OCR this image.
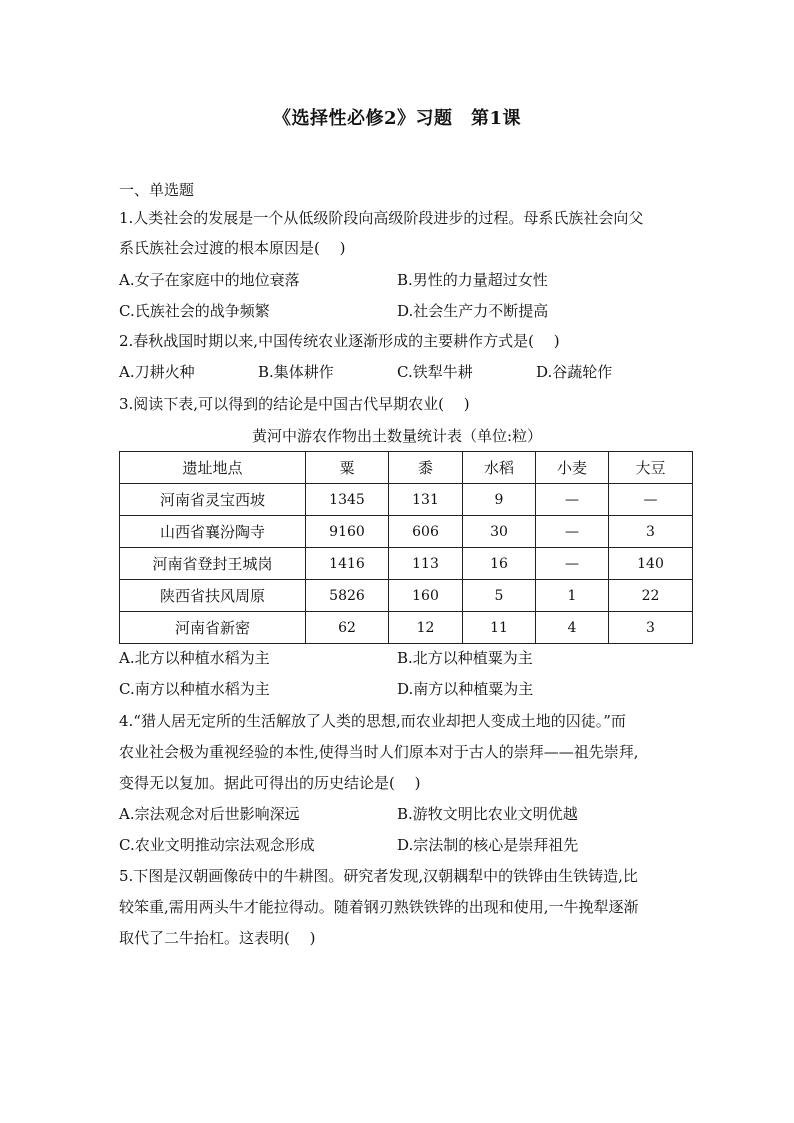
《选择性必修2》习题　第1课
一、单选题
1.人类社会的发展是一个从低级阶段向高级阶段进步的过程。母系氏族社会向父
系氏族社会过渡的根本原因是(　 )
A.女子在家庭中的地位衰落	B.男性的力量超过女性
C.氏族社会的战争频繁	D.社会生产力不断提高
2.春秋战国时期以来,中国传统农业逐渐形成的主要耕作方式是(　 )
A.刀耕火种	B.集体耕作	C.铁犁牛耕	D.谷蔬轮作
3.阅读下表,可以得到的结论是中国古代早期农业(　 )
黄河中游农作物出土数量统计表（单位:粒）
遗址地点	粟	黍	水稻	小麦	大豆
河南省灵宝西坡	1345	131	9	—	—
山西省襄汾陶寺	9160	606	30	—	3
河南省登封王城岗	1416	113	16	—	140
陕西省扶风周原	5826	160	5	1	22
河南省新密	62	12	11	4	3
A.北方以种植水稻为主	B.北方以种植粟为主
C.南方以种植水稻为主	D.南方以种植粟为主
4.“猎人居无定所的生活解放了人类的思想,而农业却把人变成土地的囚徒。”而
农业社会极为重视经验的本性,使得当时人们原本对于古人的崇拜——祖先崇拜,
变得无以复加。据此可得出的历史结论是(　 )
A.宗法观念对后世影响深远	B.游牧文明比农业文明优越
C.农业文明推动宗法观念形成	D.宗法制的核心是崇拜祖先
5.下图是汉朝画像砖中的牛耕图。研究者发现,汉朝耦犁中的铁铧由生铁铸造,比
较笨重,需用两头牛才能拉得动。随着钢刃熟铁铁铧的出现和使用,一牛挽犁逐渐
取代了二牛抬杠。这表明(　 )
